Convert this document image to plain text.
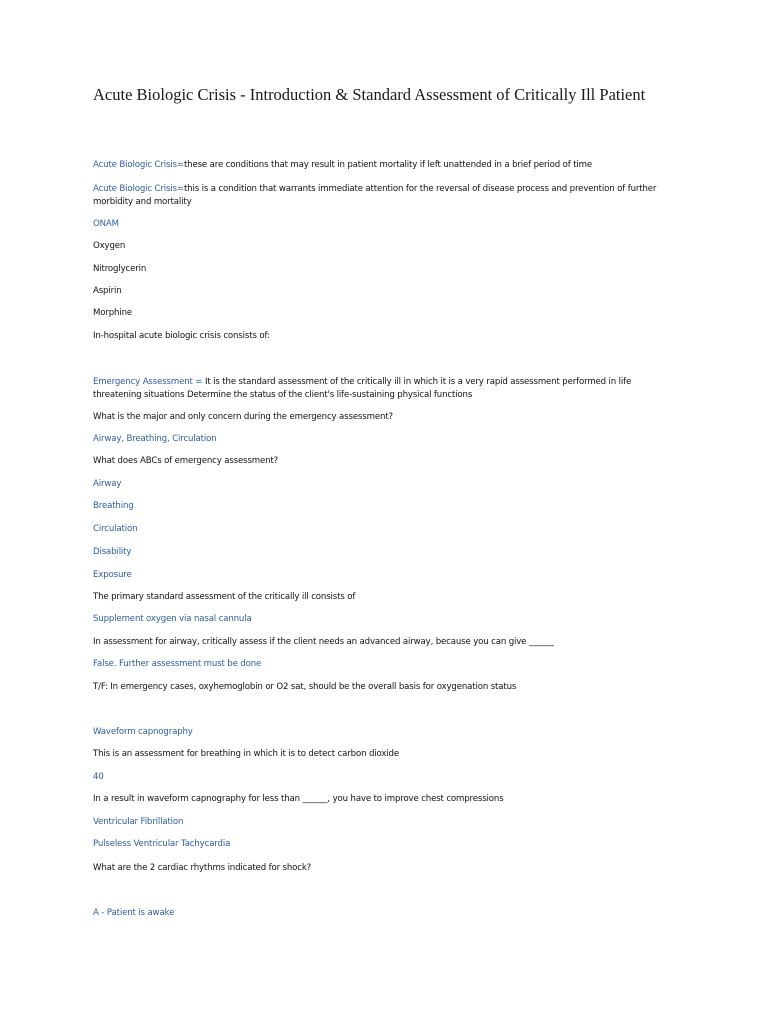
Acute Biologic Crisis - Introduction & Standard Assessment of Critically Ill Patient
Acute Biologic Crisis=these are conditions that may result in patient mortality if left unattended in a brief period of time
Acute Biologic Crisis=this is a condition that warrants immediate attention for the reversal of disease process and prevention of further morbidity and mortality
ONAM
Oxygen
Nitroglycerin
Aspirin
Morphine
In-hospital acute biologic crisis consists of:
Emergency Assessment = It is the standard assessment of the critically ill in which it is a very rapid assessment performed in life threatening situations Determine the status of the client's life-sustaining physical functions
What is the major and only concern during the emergency assessment?
Airway, Breathing, Circulation
What does ABCs of emergency assessment?
Airway
Breathing
Circulation
Disability
Exposure
The primary standard assessment of the critically ill consists of
Supplement oxygen via nasal cannula
In assessment for airway, critically assess if the client needs an advanced airway, because you can give ______
False. Further assessment must be done
T/F: In emergency cases, oxyhemoglobin or O2 sat, should be the overall basis for oxygenation status
Waveform capnography
This is an assessment for breathing in which it is to detect carbon dioxide
40
In a result in waveform capnography for less than ______, you have to improve chest compressions
Ventricular Fibrillation
Pulseless Ventricular Tachycardia
What are the 2 cardiac rhythms indicated for shock?
A - Patient is awake
